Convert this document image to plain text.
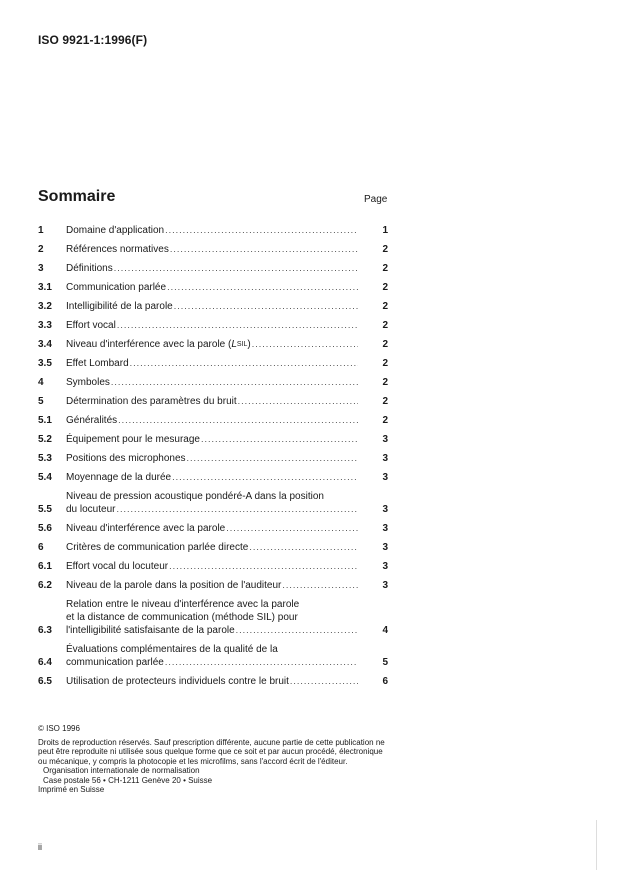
ISO 9921-1:1996(F)
Sommaire	Page
1	Domaine d'application .....	1
2	Références normatives .....	2
3	Définitions .....	2
3.1	Communication parlée .....	2
3.2	Intelligibilité de la parole .....	2
3.3	Effort vocal .....	2
3.4	Niveau d'interférence avec la parole ( L SIL ) .....	2
3.5	Effet Lombard .....	2
4	Symboles .....	2
5	Détermination des paramètres du bruit .....	2
5.1	Généralités .....	2
5.2	Équipement pour le mesurage .....	3
5.3	Positions des microphones .....	3
5.4	Moyennage de la durée .....	3
5.5
Niveau de pression acoustique pondéré-A dans la position
du locuteur .....	3
5.6	Niveau d'interférence avec la parole .....	3
6	Critères de communication parlée directe .....	3
6.1	Effort vocal du locuteur .....	3
6.2	Niveau de la parole dans la position de l'auditeur .....	3
6.3
Relation entre le niveau d'interférence avec la parole
et la distance de communication (méthode SIL) pour
l'intelligibilité satisfaisante de la parole .....	4
6.4
Évaluations complémentaires de la qualité de la
communication parlée .....	5
6.5	Utilisation de protecteurs individuels contre le bruit .....	6

© ISO 1996

Droits de reproduction réservés. Sauf prescription différente, aucune partie de cette publication ne peut être reproduite ni utilisée sous quelque forme que ce soit et par aucun procédé, électronique ou mécanique, y compris la photocopie et les microfilms, sans l'accord écrit de l'éditeur.

Organisation internationale de normalisation

Case postale 56 • CH-1211 Genève 20 • Suisse

Imprimé en Suisse

ii
